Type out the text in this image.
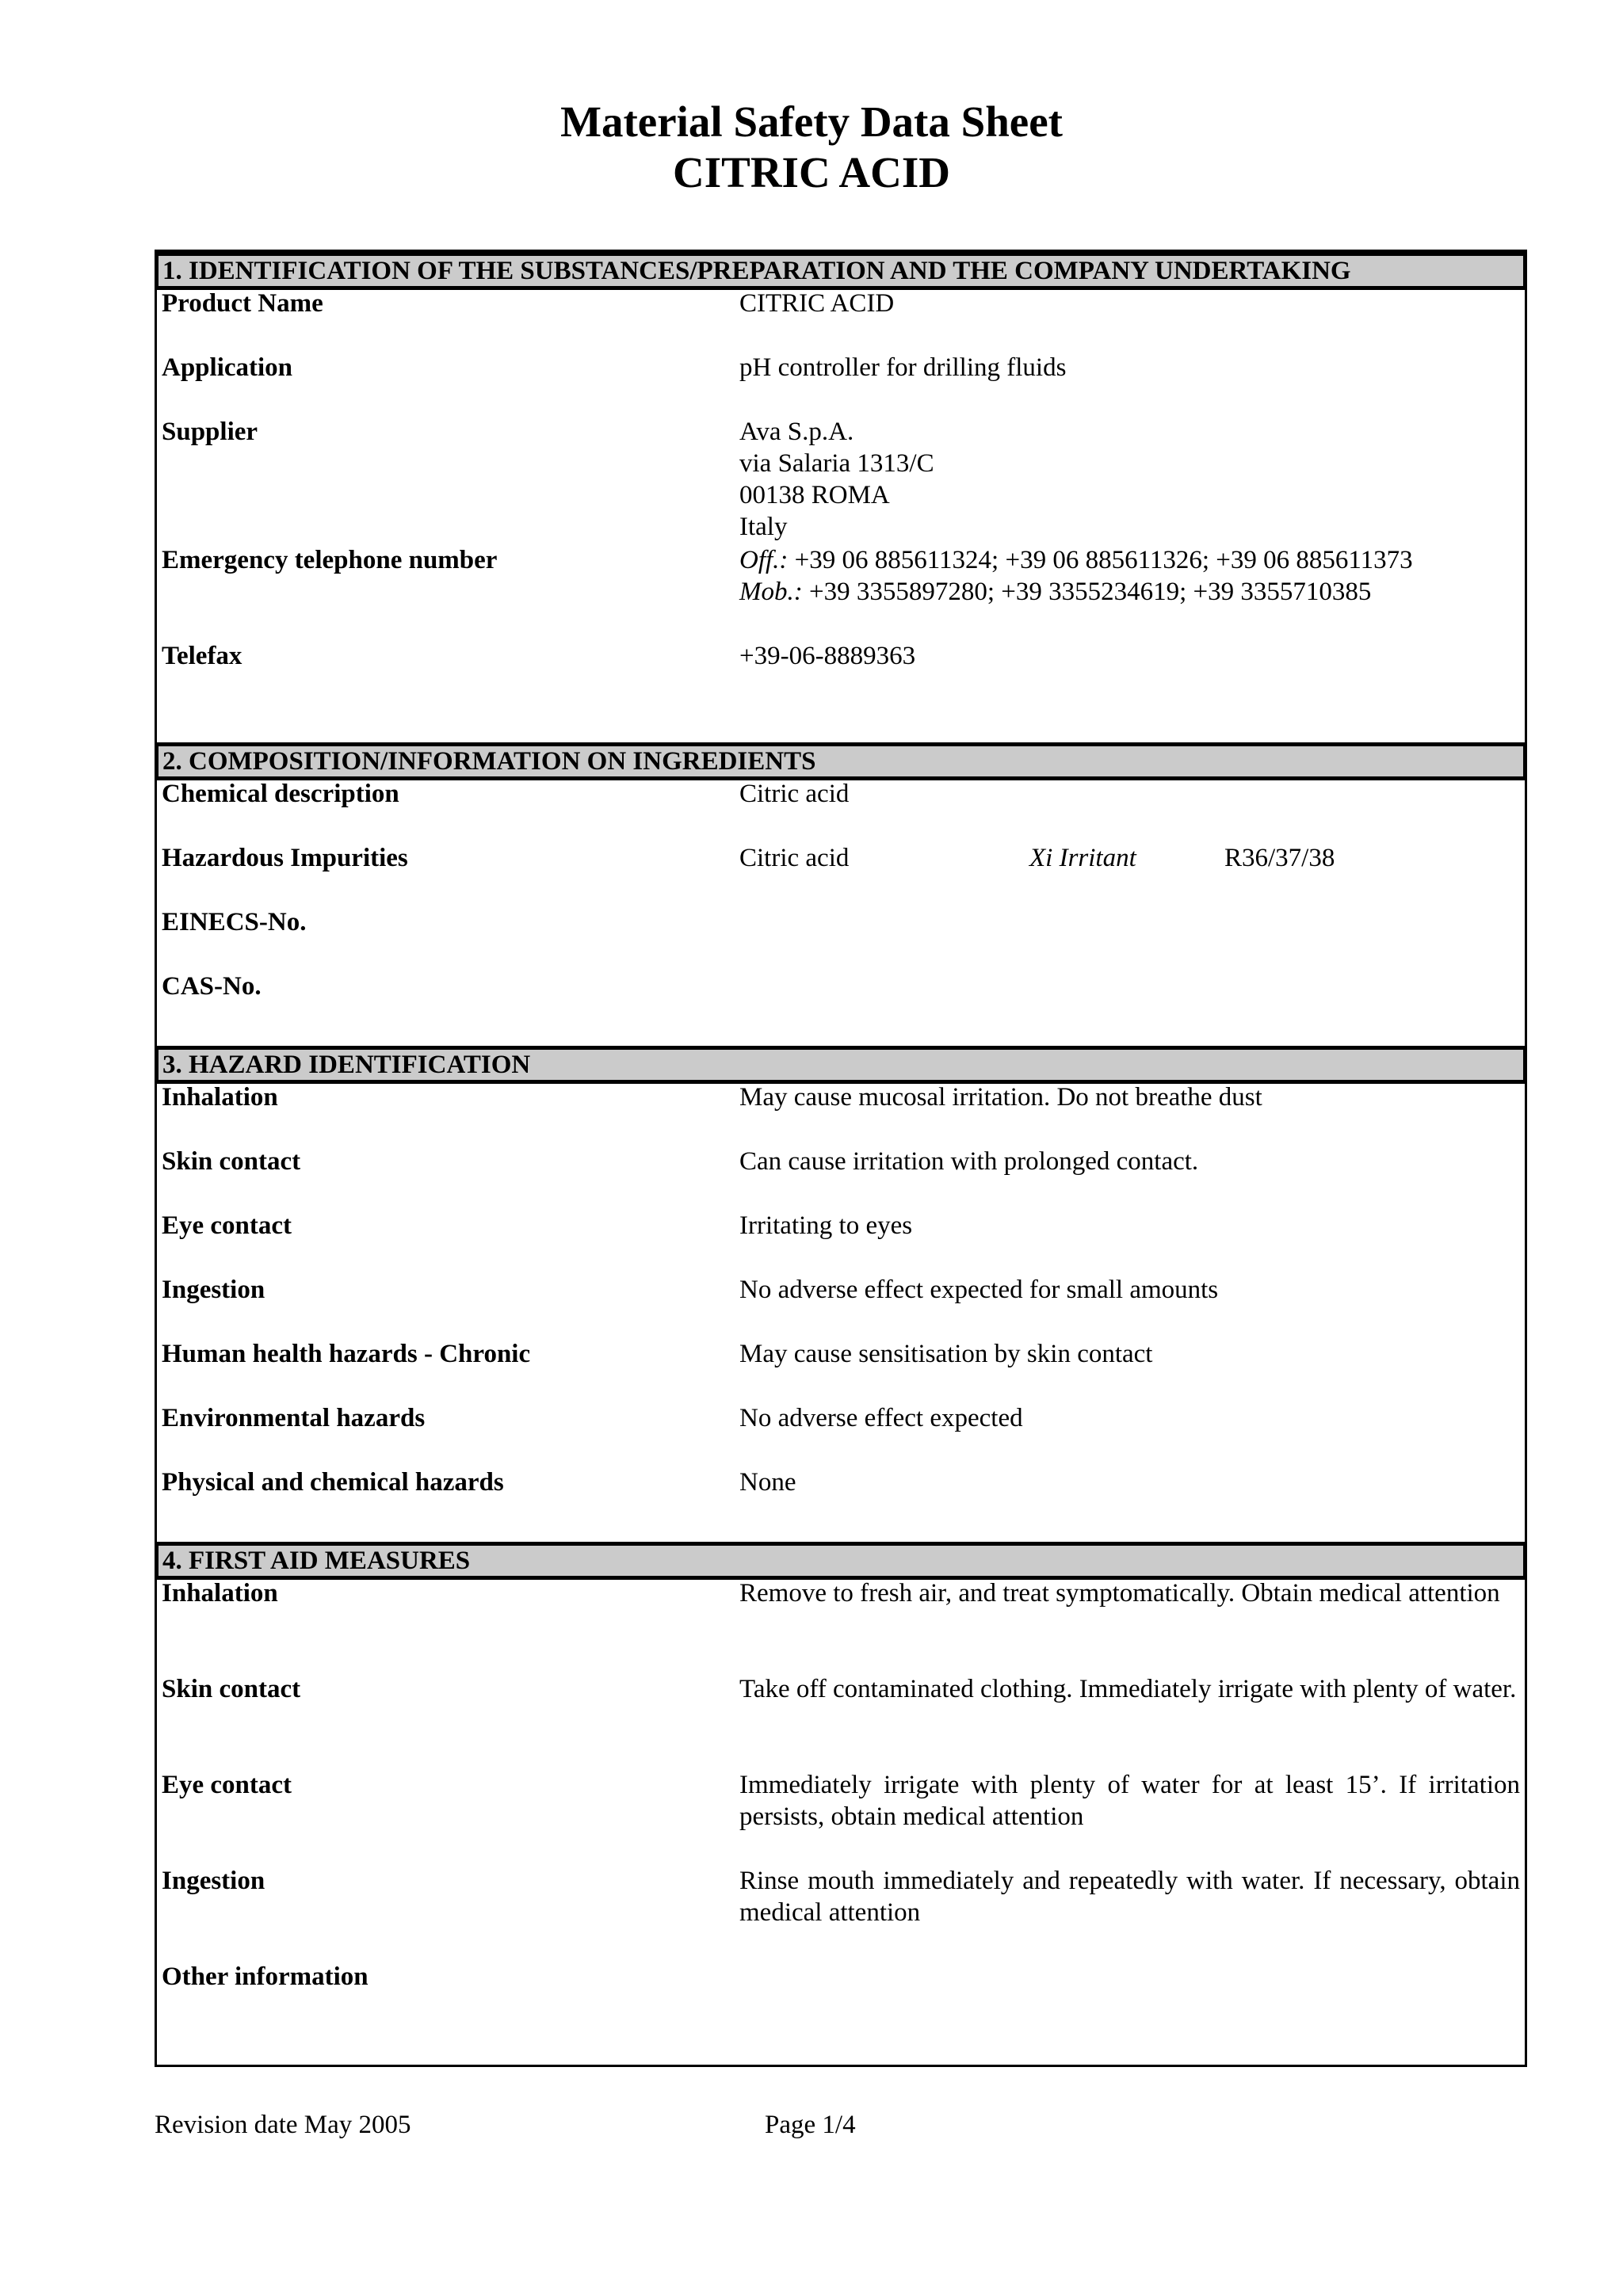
Material Safety Data Sheet
CITRIC ACID
1. IDENTIFICATION OF THE SUBSTANCES/PREPARATION AND THE COMPANY UNDERTAKING
Product Name	CITRIC ACID
Application	pH controller for drilling fluids
Supplier	Ava S.p.A.
via Salaria 1313/C
00138 ROMA
Italy
Emergency telephone number	Off.: +39 06 885611324; +39 06 885611326; +39 06 885611373
Mob.: +39 3355897280; +39 3355234619; +39 3355710385
Telefax	+39-06-8889363
2. COMPOSITION/INFORMATION ON INGREDIENTS
Chemical description	Citric acid
Hazardous Impurities	Citric acid	Xi Irritant	R36/37/38
EINECS-No.
CAS-No.
3. HAZARD IDENTIFICATION
Inhalation	May cause mucosal irritation. Do not breathe dust
Skin contact	Can cause irritation with prolonged contact.
Eye contact	Irritating to eyes
Ingestion	No adverse effect expected for small amounts
Human health hazards - Chronic	May cause sensitisation by skin contact
Environmental hazards	No adverse effect expected
Physical and chemical hazards	None
4. FIRST AID MEASURES
Inhalation	Remove to fresh air, and treat symptomatically. Obtain medical attention
Skin contact	Take off contaminated clothing. Immediately irrigate with plenty of water.
Eye contact	Immediately irrigate with plenty of water for at least 15’. If irritation persists, obtain medical attention
Ingestion	Rinse mouth immediately and repeatedly with water. If necessary, obtain medical attention
Other information
Revision date May 2005	Page 1/4
